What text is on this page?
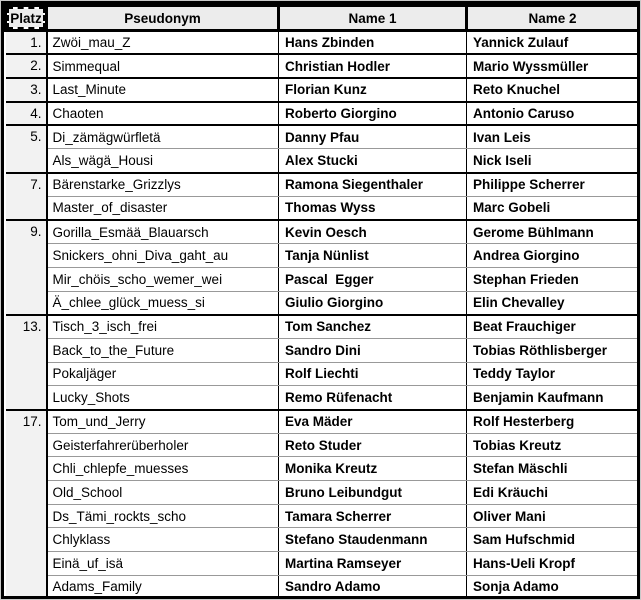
Platz	Pseudonym	Name 1	Name 2
1.	Zwöi_mau_Z	Hans Zbinden	Yannick Zulauf
2.	Simmequal	Christian Hodler	Mario Wyssmüller
3.	Last_Minute	Florian Kunz	Reto Knuchel
4.	Chaoten	Roberto Giorgino	Antonio Caruso
5.	Di_zämägwürfletä	Danny Pfau	Ivan Leis
	Als_wägä_Housi	Alex Stucki	Nick Iseli
7.	Bärenstarke_Grizzlys	Ramona Siegenthaler	Philippe Scherrer
	Master_of_disaster	Thomas Wyss	Marc Gobeli
9.	Gorilla_Esmää_Blauarsch	Kevin Oesch	Gerome Bühlmann
	Snickers_ohni_Diva_gaht_au	Tanja Nünlist	Andrea Giorgino
	Mir_chöis_scho_wemer_wei	Pascal  Egger	Stephan Frieden
	Ä_chlee_glück_muess_si	Giulio Giorgino	Elin Chevalley
13.	Tisch_3_isch_frei	Tom Sanchez	Beat Frauchiger
	Back_to_the_Future	Sandro Dini	Tobias Röthlisberger
	Pokaljäger	Rolf Liechti	Teddy Taylor
	Lucky_Shots	Remo Rüfenacht	Benjamin Kaufmann
17.	Tom_und_Jerry	Eva Mäder	Rolf Hesterberg
	Geisterfahrerüberholer	Reto Studer	Tobias Kreutz
	Chli_chlepfe_muesses	Monika Kreutz	Stefan Mäschli
	Old_School	Bruno Leibundgut	Edi Kräuchi
	Ds_Tämi_rockts_scho	Tamara Scherrer	Oliver Mani
	Chlyklass	Stefano Staudenmann	Sam Hufschmid
	Einä_uf_isä	Martina Ramseyer	Hans-Ueli Kropf
	Adams_Family	Sandro Adamo	Sonja Adamo
